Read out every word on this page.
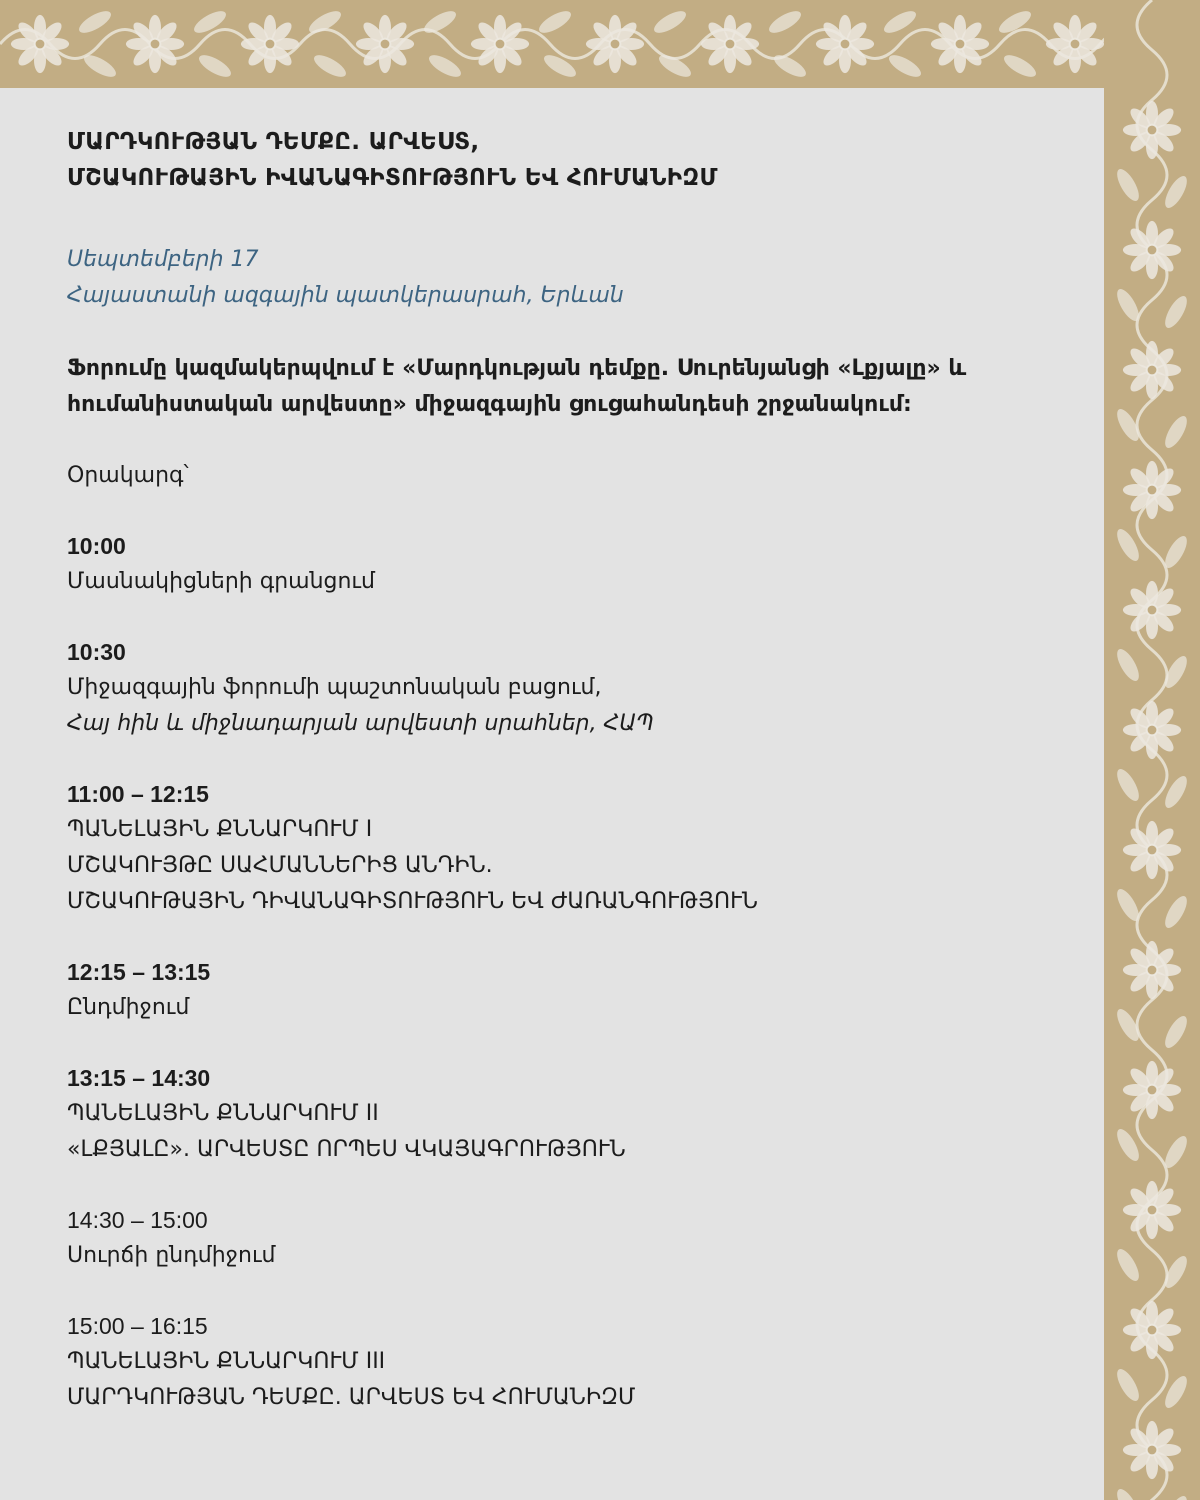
ՄԱՐԴԿՈՒԹՅԱՆ ԴԵՄՔԸ. ԱՐՎԵՍՏ,
ՄՇԱԿՈՒԹԱՅԻՆ ԻՎԱՆԱԳԻՏՈՒԹՅՈՒՆ ԵՎ ՀՈՒՄԱՆԻԶՄ
Սեպտեմբերի 17
Հայաստանի ազգային պատկերասրահ, Երևան
Ֆորումը կազմակերպվում է «Մարդկության դեմքը. Սուրենյանցի «Լքյալը» և հումանիստական արվեստը» միջազգային ցուցահանդեսի շրջանակում:
Օրակարգ՝
10:00
Մասնակիցների գրանցում
10:30
Միջազգային ֆորումի պաշտոնական բացում,
Հայ հին և միջնադարյան արվեստի սրահներ, ՀԱՊ
11:00 – 12:15
ՊԱՆԵԼԱՅԻՆ ՔՆՆԱՐԿՈՒՄ I
ՄՇԱԿՈՒՅԹԸ ՍԱՀՄԱՆՆԵՐԻՑ ԱՆԴԻՆ.
ՄՇԱԿՈՒԹԱՅԻՆ ԴԻՎԱՆԱԳԻՏՈՒԹՅՈՒՆ ԵՎ ԺԱՌԱՆԳՈՒԹՅՈՒՆ
12:15 – 13:15
Ընդմիջում
13:15 – 14:30
ՊԱՆԵԼԱՅԻՆ ՔՆՆԱՐԿՈՒՄ II
«ԼՔՅԱԼԸ». ԱՐՎԵՍՏԸ ՈՐՊԵՍ ՎԿԱՅԱԳՐՈՒԹՅՈՒՆ
14:30 – 15:00
Սուրճի ընդմիջում
15:00 – 16:15
ՊԱՆԵԼԱՅԻՆ ՔՆՆԱՐԿՈՒՄ III
ՄԱՐԴԿՈՒԹՅԱՆ ԴԵՄՔԸ. ԱՐՎԵՍՏ ԵՎ ՀՈՒՄԱՆԻԶՄ
